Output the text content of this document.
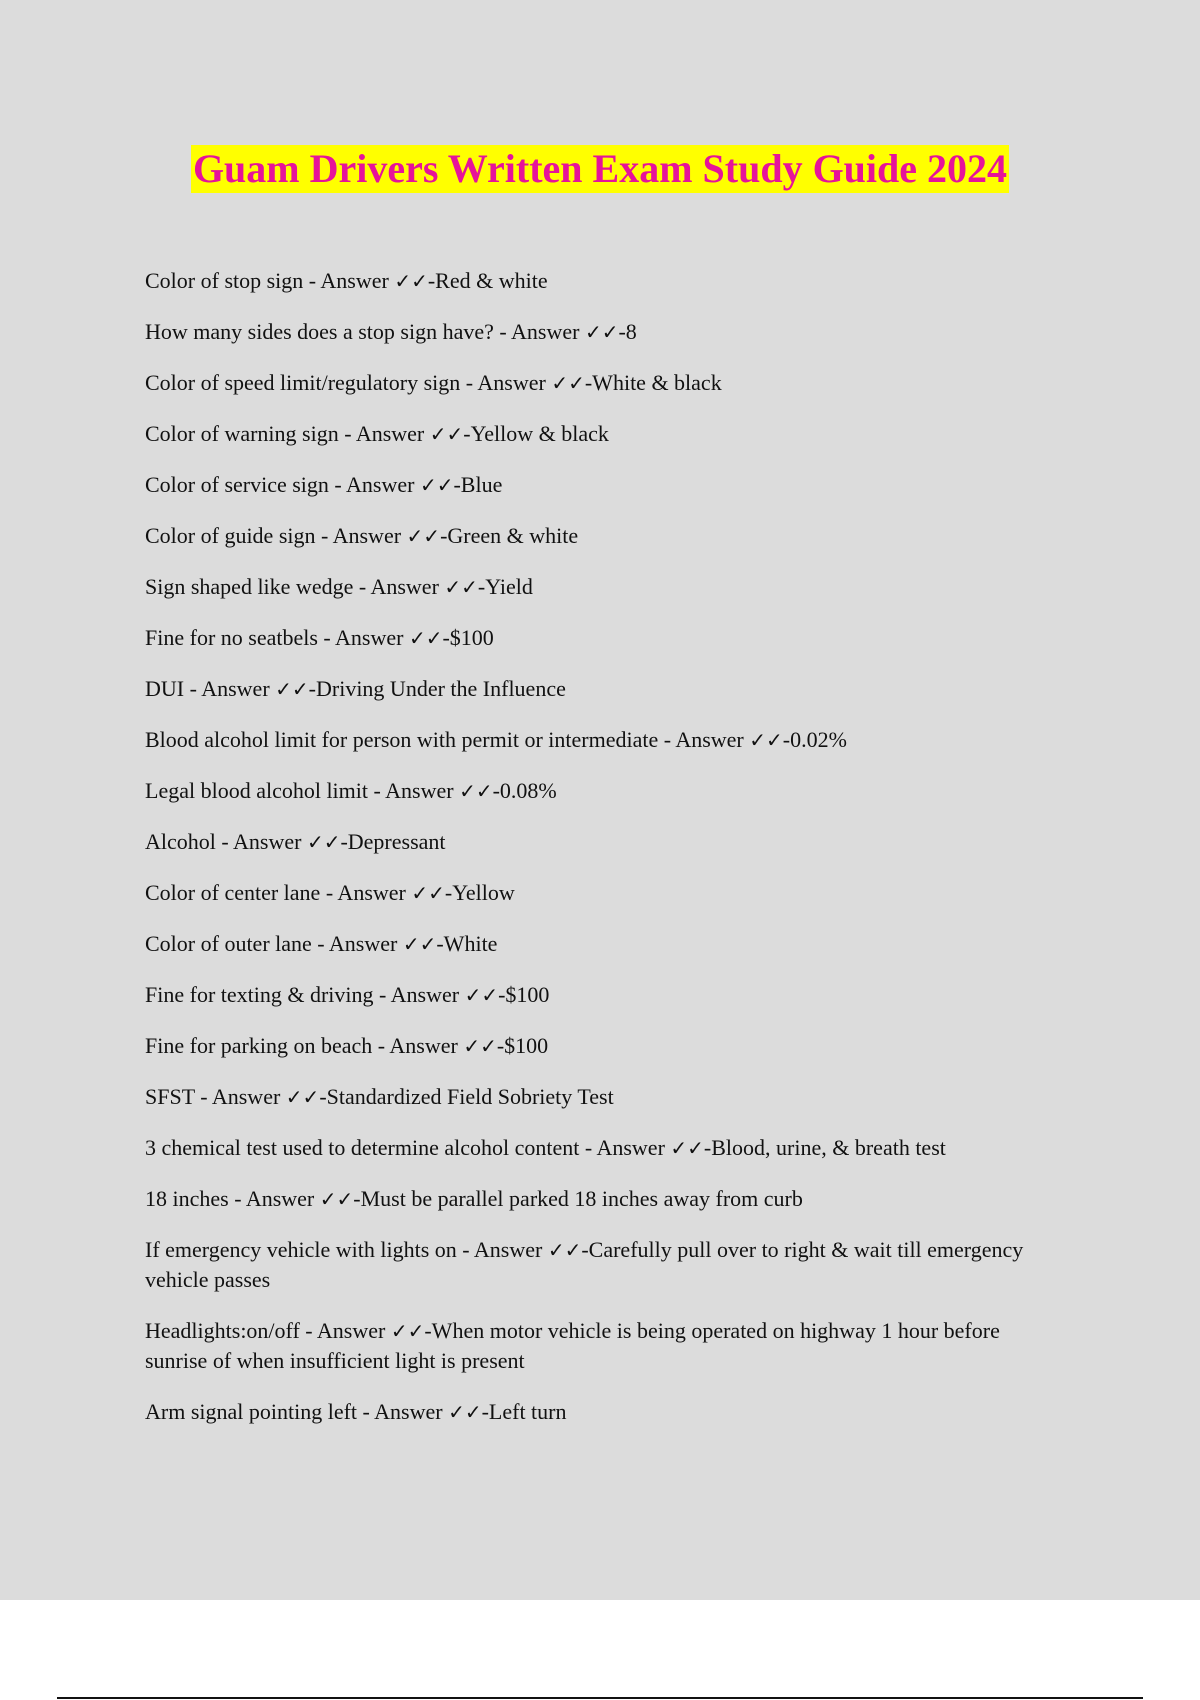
Guam Drivers Written Exam Study Guide 2024
Color of stop sign - Answer ✓✓-Red & white
How many sides does a stop sign have? - Answer ✓✓-8
Color of speed limit/regulatory sign - Answer ✓✓-White & black
Color of warning sign - Answer ✓✓-Yellow & black
Color of service sign - Answer ✓✓-Blue
Color of guide sign - Answer ✓✓-Green & white
Sign shaped like wedge - Answer ✓✓-Yield
Fine for no seatbels - Answer ✓✓-$100
DUI - Answer ✓✓-Driving Under the Influence
Blood alcohol limit for person with permit or intermediate - Answer ✓✓-0.02%
Legal blood alcohol limit - Answer ✓✓-0.08%
Alcohol - Answer ✓✓-Depressant
Color of center lane - Answer ✓✓-Yellow
Color of outer lane - Answer ✓✓-White
Fine for texting & driving - Answer ✓✓-$100
Fine for parking on beach - Answer ✓✓-$100
SFST - Answer ✓✓-Standardized Field Sobriety Test
3 chemical test used to determine alcohol content - Answer ✓✓-Blood, urine, & breath test
18 inches - Answer ✓✓-Must be parallel parked 18 inches away from curb
If emergency vehicle with lights on - Answer ✓✓-Carefully pull over to right & wait till emergency vehicle passes
Headlights:on/off - Answer ✓✓-When motor vehicle is being operated on highway 1 hour before sunrise of when insufficient light is present
Arm signal pointing left - Answer ✓✓-Left turn
